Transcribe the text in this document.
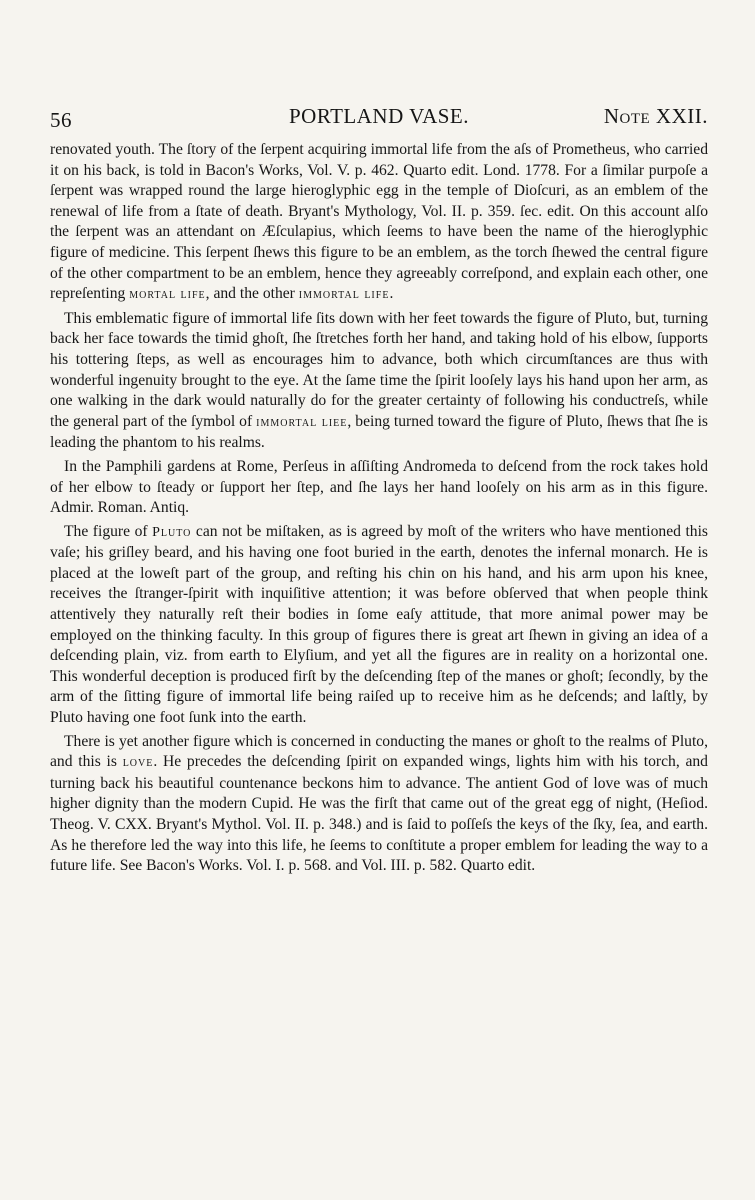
56	PORTLAND VASE.	Note XXII.

renovated youth. The ſtory of the ſerpent acquiring immortal life from the aſs of Prometheus, who carried it on his back, is told in Bacon's Works, Vol. V. p. 462. Quarto edit. Lond. 1778. For a ſimilar purpoſe a ſerpent was wrapped round the large hieroglyphic egg in the temple of Dioſcuri, as an emblem of the renewal of life from a ſtate of death. Bryant's Mythology, Vol. II. p. 359. ſec. edit. On this account alſo the ſerpent was an attendant on Æſculapius, which ſeems to have been the name of the hieroglyphic figure of medicine. This ſerpent ſhews this figure to be an emblem, as the torch ſhewed the central figure of the other compartment to be an emblem, hence they agreeably correſpond, and explain each other, one repreſenting mortal life, and the other immortal life.

This emblematic figure of immortal life ſits down with her feet towards the figure of Pluto, but, turning back her face towards the timid ghoſt, ſhe ſtretches forth her hand, and taking hold of his elbow, ſupports his tottering ſteps, as well as encourages him to advance, both which circumſtances are thus with wonderful ingenuity brought to the eye. At the ſame time the ſpirit looſely lays his hand upon her arm, as one walking in the dark would naturally do for the greater certainty of following his conductreſs, while the general part of the ſymbol of immortal liee, being turned toward the figure of Pluto, ſhews that ſhe is leading the phantom to his realms.

In the Pamphili gardens at Rome, Perſeus in aſſiſting Andromeda to deſcend from the rock takes hold of her elbow to ſteady or ſupport her ſtep, and ſhe lays her hand looſely on his arm as in this figure. Admir. Roman. Antiq.

The figure of Pluto can not be miſtaken, as is agreed by moſt of the writers who have mentioned this vaſe; his griſley beard, and his having one foot buried in the earth, denotes the infernal monarch. He is placed at the loweſt part of the group, and reſting his chin on his hand, and his arm upon his knee, receives the ſtranger-ſpirit with inquiſitive attention; it was before obſerved that when people think attentively they naturally reſt their bodies in ſome eaſy attitude, that more animal power may be employed on the thinking faculty. In this group of figures there is great art ſhewn in giving an idea of a deſcending plain, viz. from earth to Elyſium, and yet all the figures are in reality on a horizontal one. This wonderful deception is produced firſt by the deſcending ſtep of the manes or ghoſt; ſecondly, by the arm of the ſitting figure of immortal life being raiſed up to receive him as he deſcends; and laſtly, by Pluto having one foot ſunk into the earth.

There is yet another figure which is concerned in conducting the manes or ghoſt to the realms of Pluto, and this is love. He precedes the deſcending ſpirit on expanded wings, lights him with his torch, and turning back his beautiful countenance beckons him to advance. The antient God of love was of much higher dignity than the modern Cupid. He was the firſt that came out of the great egg of night, (Heſiod. Theog. V. CXX. Bryant's Mythol. Vol. II. p. 348.) and is ſaid to poſſeſs the keys of the ſky, ſea, and earth. As he therefore led the way into this life, he ſeems to conſtitute a proper emblem for leading the way to a future life. See Bacon's Works. Vol. I. p. 568. and Vol. III. p. 582. Quarto edit.
